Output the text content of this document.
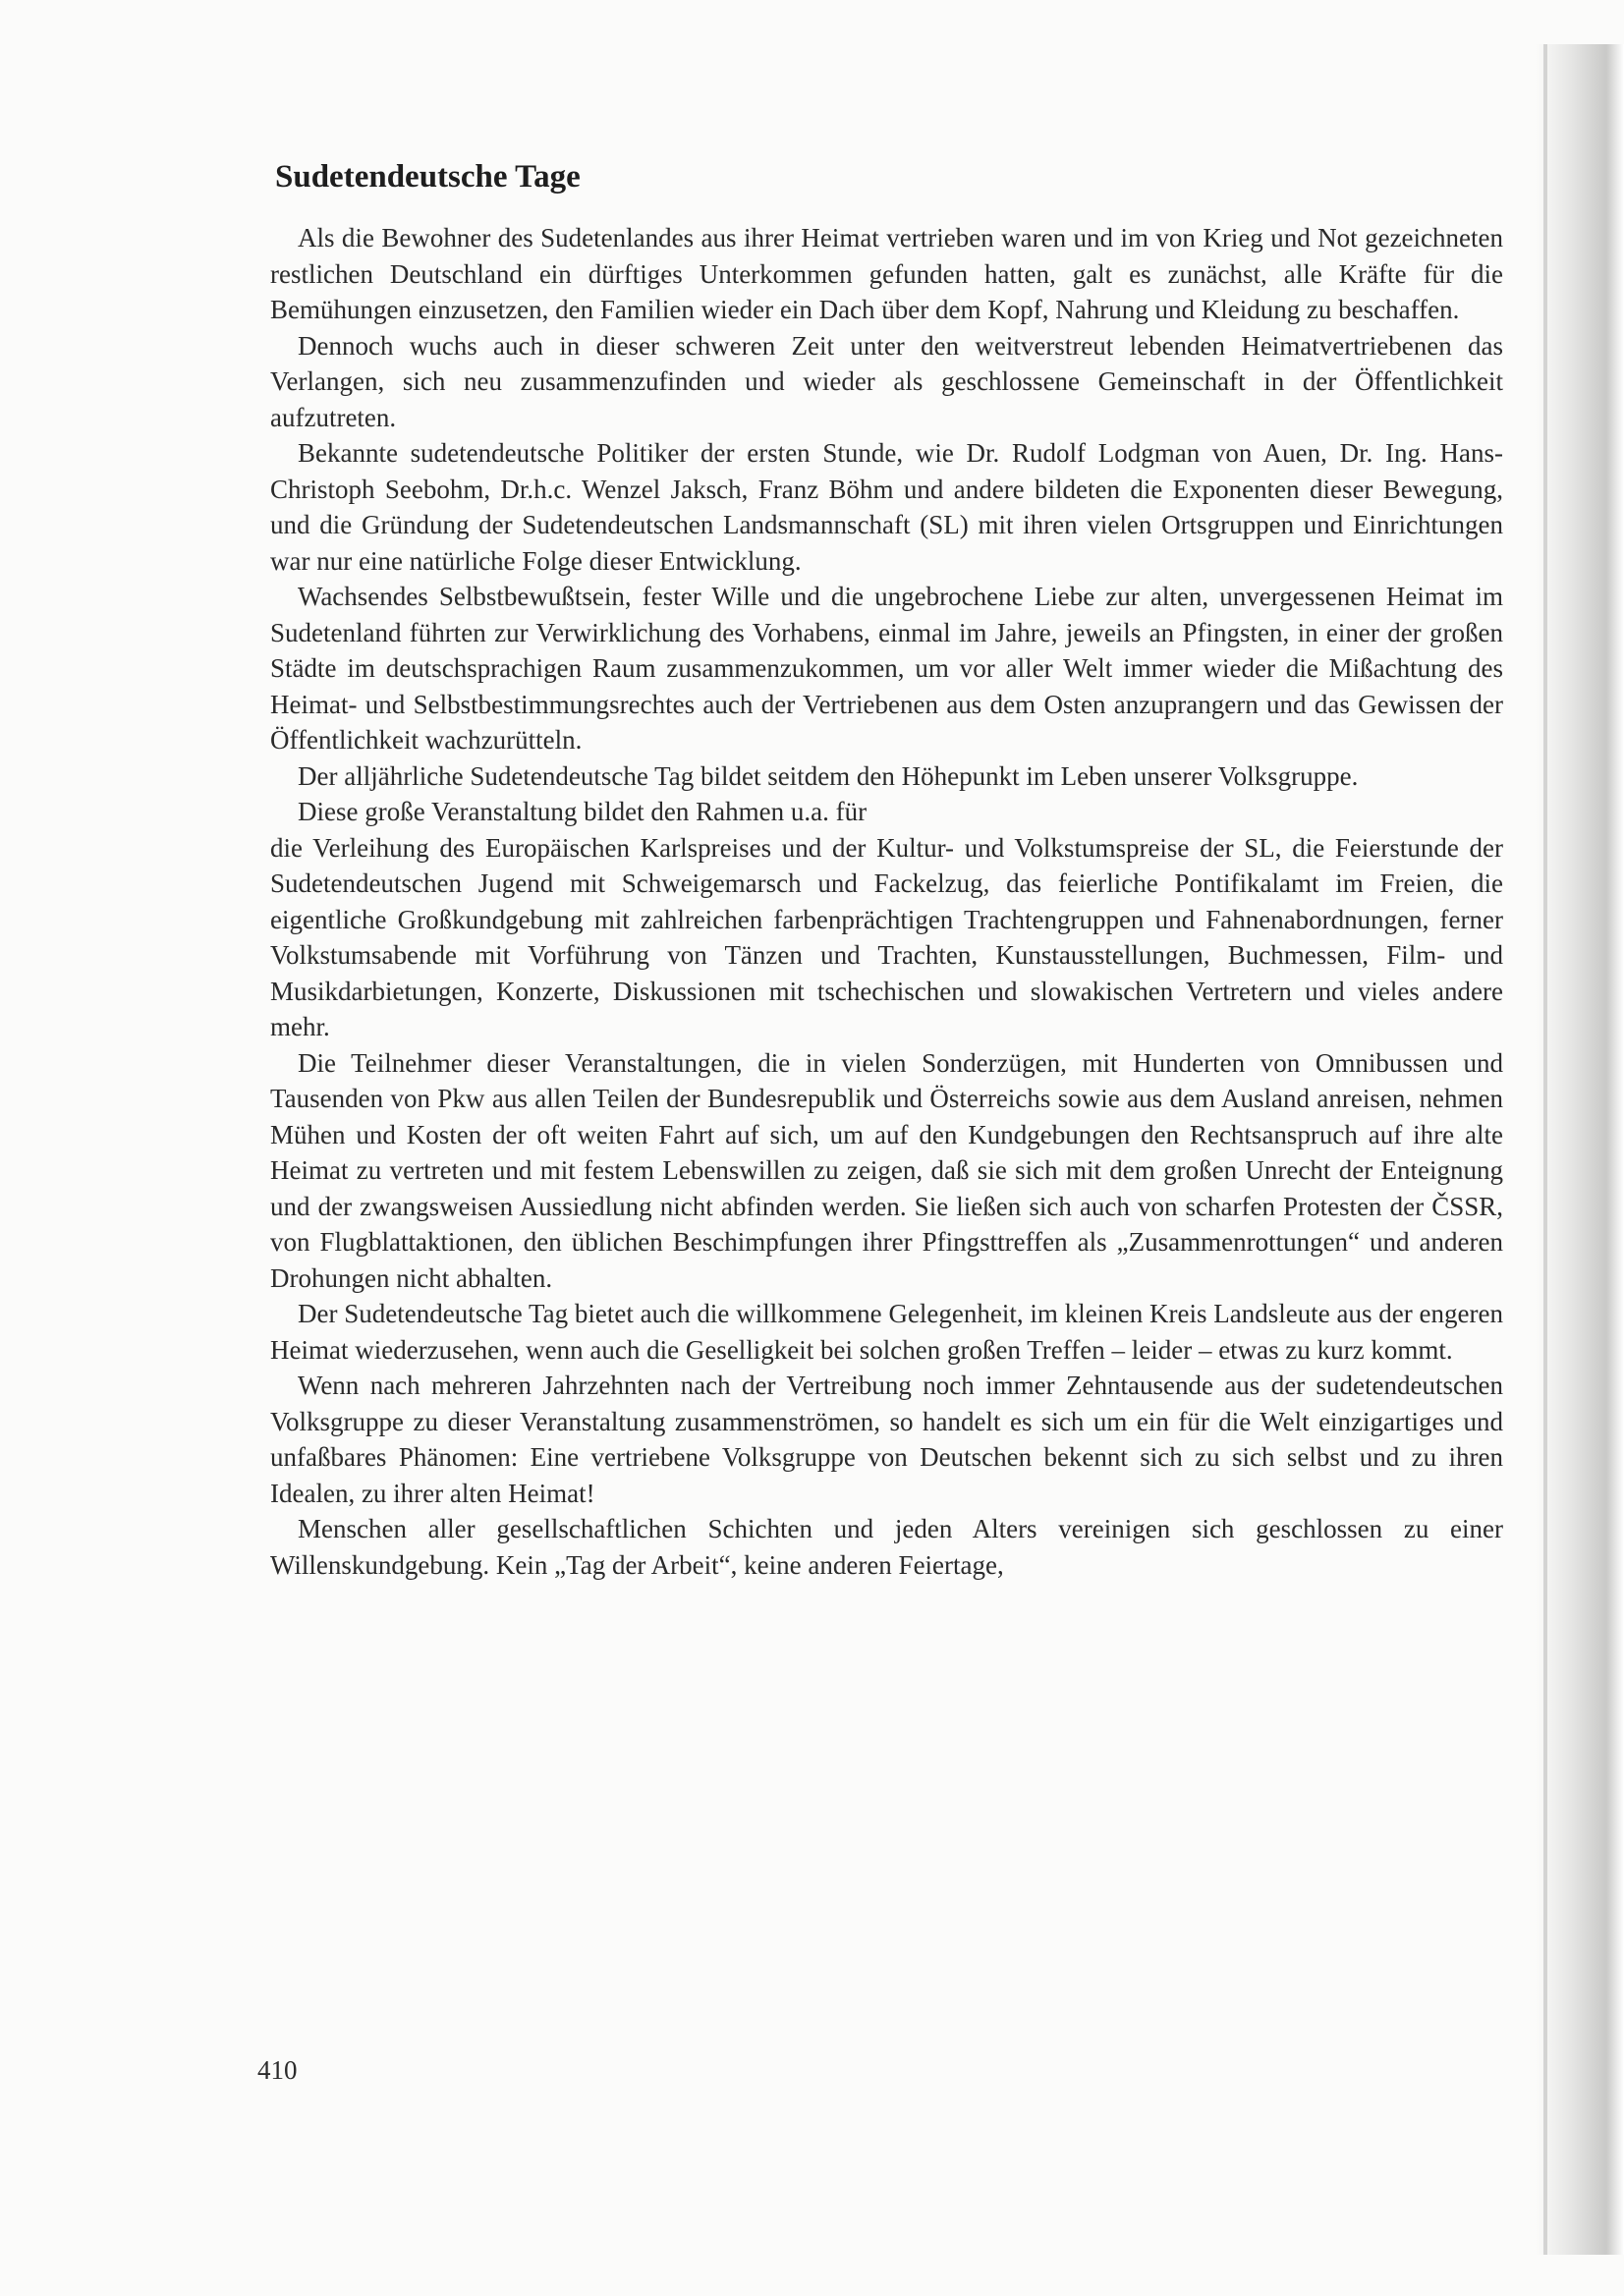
Sudetendeutsche Tage

Als die Bewohner des Sudetenlandes aus ihrer Heimat vertrieben waren und im von Krieg und Not gezeichneten restlichen Deutschland ein dürftiges Unterkommen gefunden hatten, galt es zunächst, alle Kräfte für die Bemühungen einzusetzen, den Familien wieder ein Dach über dem Kopf, Nahrung und Kleidung zu beschaffen.

Dennoch wuchs auch in dieser schweren Zeit unter den weitverstreut lebenden Heimatvertriebenen das Verlangen, sich neu zusammenzufinden und wieder als geschlossene Gemeinschaft in der Öffentlichkeit aufzutreten.

Bekannte sudetendeutsche Politiker der ersten Stunde, wie Dr. Rudolf Lodgman von Auen, Dr. Ing. Hans-Christoph Seebohm, Dr.h.c. Wenzel Jaksch, Franz Böhm und andere bildeten die Exponenten dieser Bewegung, und die Gründung der Sudetendeutschen Landsmannschaft (SL) mit ihren vielen Ortsgruppen und Einrichtungen war nur eine natürliche Folge dieser Entwicklung.

Wachsendes Selbstbewußtsein, fester Wille und die ungebrochene Liebe zur alten, unvergessenen Heimat im Sudetenland führten zur Verwirklichung des Vorhabens, einmal im Jahre, jeweils an Pfingsten, in einer der großen Städte im deutschsprachigen Raum zusammenzukommen, um vor aller Welt immer wieder die Mißachtung des Heimat- und Selbstbestimmungsrechtes auch der Vertriebenen aus dem Osten anzuprangern und das Gewissen der Öffentlichkeit wachzurütteln.

Der alljährliche Sudetendeutsche Tag bildet seitdem den Höhepunkt im Leben unserer Volksgruppe.

Diese große Veranstaltung bildet den Rahmen u.a. für

die Verleihung des Europäischen Karlspreises und der Kultur- und Volkstumspreise der SL, die Feierstunde der Sudetendeutschen Jugend mit Schweigemarsch und Fackelzug, das feierliche Pontifikalamt im Freien, die eigentliche Großkundgebung mit zahlreichen farbenprächtigen Trachtengruppen und Fahnenabordnungen, ferner Volkstumsabende mit Vorführung von Tänzen und Trachten, Kunstausstellungen, Buchmessen, Film- und Musikdarbietungen, Konzerte, Diskussionen mit tschechischen und slowakischen Vertretern und vieles andere mehr.

Die Teilnehmer dieser Veranstaltungen, die in vielen Sonderzügen, mit Hunderten von Omnibussen und Tausenden von Pkw aus allen Teilen der Bundesrepublik und Österreichs sowie aus dem Ausland anreisen, nehmen Mühen und Kosten der oft weiten Fahrt auf sich, um auf den Kundgebungen den Rechtsanspruch auf ihre alte Heimat zu vertreten und mit festem Lebenswillen zu zeigen, daß sie sich mit dem großen Unrecht der Enteignung und der zwangsweisen Aussiedlung nicht abfinden werden. Sie ließen sich auch von scharfen Protesten der ČSSR, von Flugblattaktionen, den üblichen Beschimpfungen ihrer Pfingsttreffen als „Zusammenrottungen“ und anderen Drohungen nicht abhalten.

Der Sudetendeutsche Tag bietet auch die willkommene Gelegenheit, im kleinen Kreis Landsleute aus der engeren Heimat wiederzusehen, wenn auch die Geselligkeit bei solchen großen Treffen – leider – etwas zu kurz kommt.

Wenn nach mehreren Jahrzehnten nach der Vertreibung noch immer Zehntausende aus der sudetendeutschen Volksgruppe zu dieser Veranstaltung zusammenströmen, so handelt es sich um ein für die Welt einzigartiges und unfaßbares Phänomen: Eine vertriebene Volksgruppe von Deutschen bekennt sich zu sich selbst und zu ihren Idealen, zu ihrer alten Heimat!

Menschen aller gesellschaftlichen Schichten und jeden Alters vereinigen sich geschlossen zu einer Willenskundgebung. Kein „Tag der Arbeit“, keine anderen Feiertage,

410
